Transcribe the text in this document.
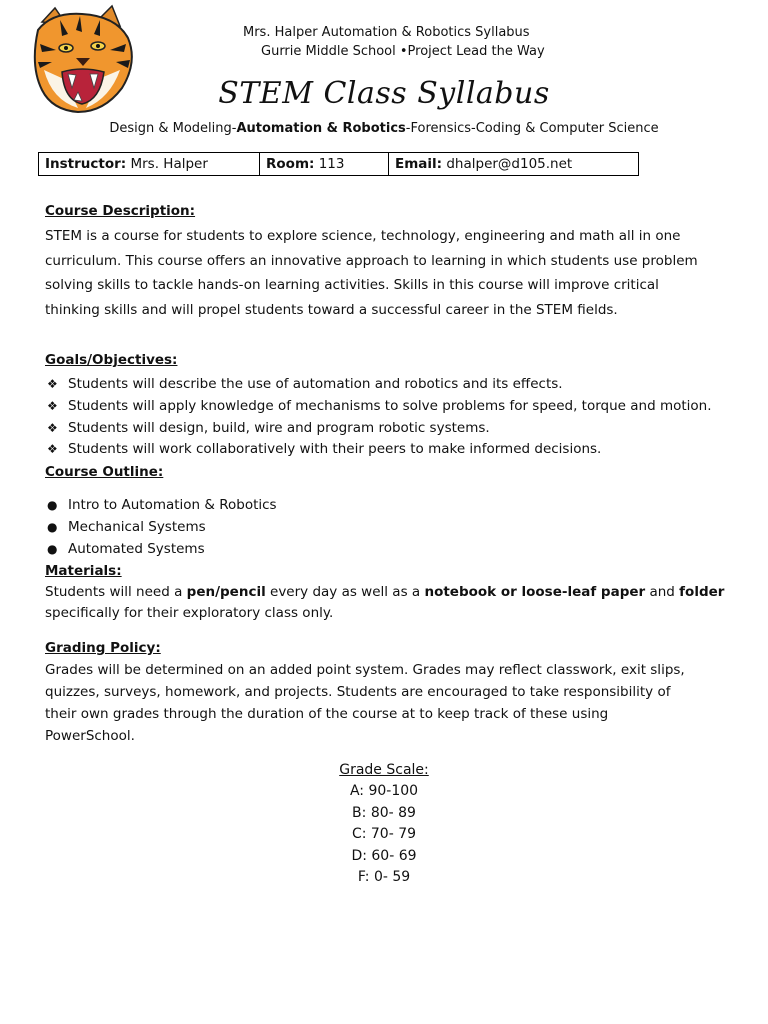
Mrs. Halper Automation & Robotics Syllabus
Gurrie Middle School •Project Lead the Way
STEM Class Syllabus
Design & Modeling-Automation & Robotics-Forensics-Coding & Computer Science
Instructor: Mrs. Halper	Room: 113	Email: dhalper@d105.net
Course Description:
STEM is a course for students to explore science, technology, engineering and math all in one
curriculum. This course offers an innovative approach to learning in which students use problem
solving skills to tackle hands-on learning activities. Skills in this course will improve critical
thinking skills and will propel students toward a successful career in the STEM fields.
Goals/Objectives:
❖ Students will describe the use of automation and robotics and its effects.
❖ Students will apply knowledge of mechanisms to solve problems for speed, torque and motion.
❖ Students will design, build, wire and program robotic systems.
❖ Students will work collaboratively with their peers to make informed decisions.
Course Outline:
● Intro to Automation & Robotics
● Mechanical Systems
● Automated Systems
Materials:
Students will need a pen/pencil every day as well as a notebook or loose-leaf paper and folder
specifically for their exploratory class only.
Grading Policy:
Grades will be determined on an added point system. Grades may reflect classwork, exit slips,
quizzes, surveys, homework, and projects. Students are encouraged to take responsibility of
their own grades through the duration of the course at to keep track of these using
PowerSchool.
Grade Scale:
A: 90-100
B: 80- 89
C: 70- 79
D: 60- 69
F: 0- 59
